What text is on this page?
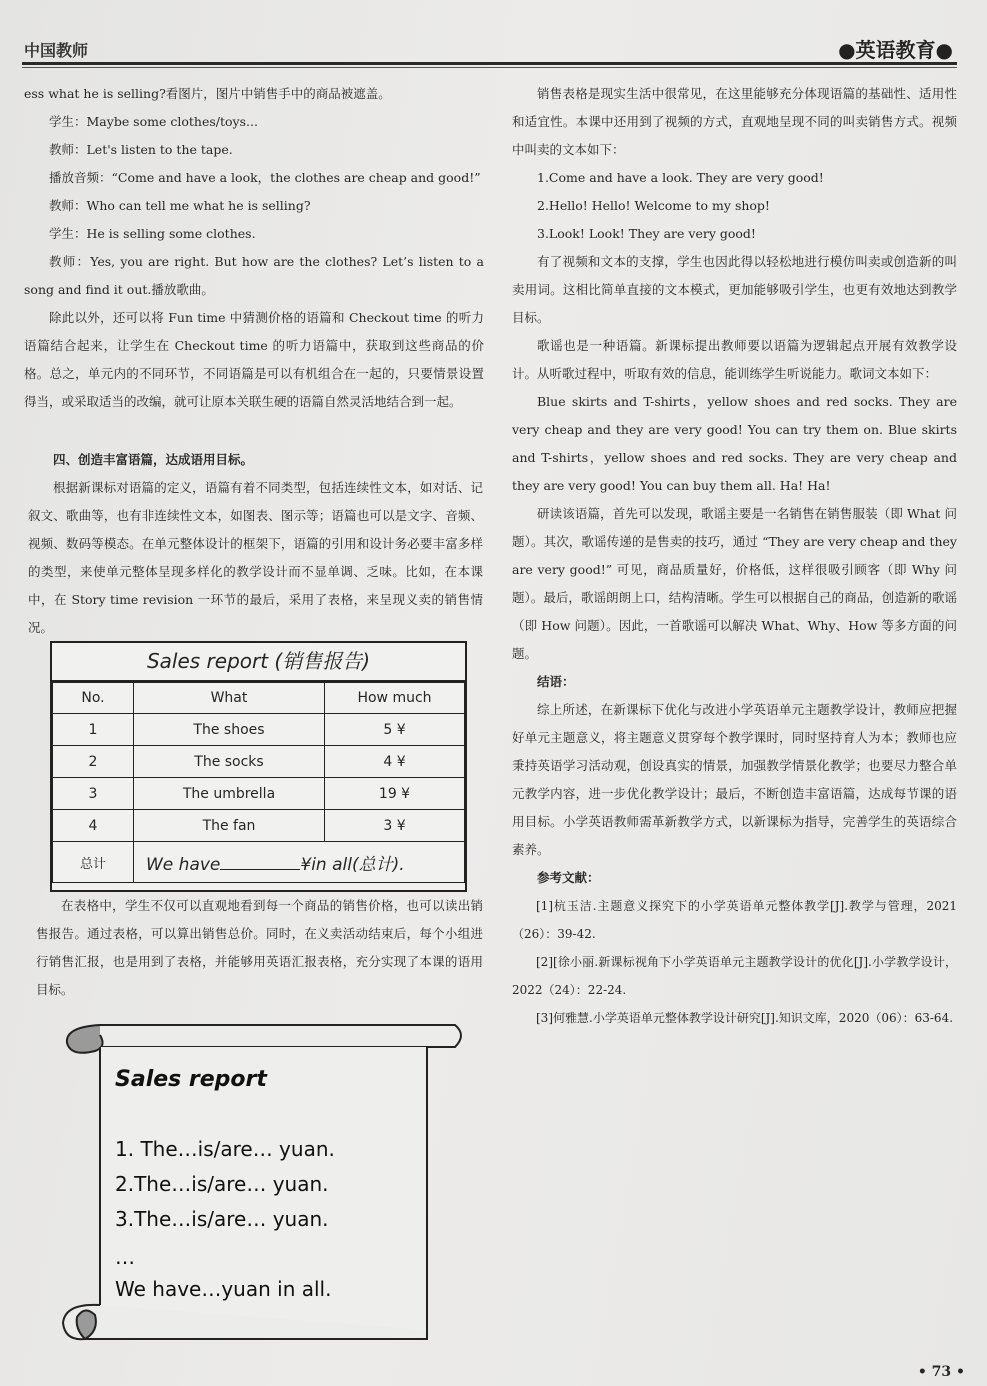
中国教师	●英语教育●

ess what he is selling?看图片，图片中销售手中的商品被遮盖。

学生：Maybe some clothes/toys...

教师：Let's listen to the tape.

播放音频：“Come and have a look，the clothes are cheap and good!”

教师：Who can tell me what he is selling?

学生：He is selling some clothes.

教师：Yes, you are right. But how are the clothes? Let’s listen to a song and find it out.播放歌曲。

除此以外，还可以将 Fun time 中猜测价格的语篇和 Checkout time 的听力语篇结合起来，让学生在 Checkout time 的听力语篇中，获取到这些商品的价格。总之，单元内的不同环节，不同语篇是可以有机组合在一起的，只要情景设置得当，或采取适当的改编，就可让原本关联生硬的语篇自然灵活地结合到一起。

四、创造丰富语篇，达成语用目标。

根据新课标对语篇的定义，语篇有着不同类型，包括连续性文本，如对话、记叙文、歌曲等，也有非连续性文本，如图表、图示等；语篇也可以是文字、音频、视频、数码等模态。在单元整体设计的框架下，语篇的引用和设计务必要丰富多样的类型，来使单元整体呈现多样化的教学设计而不显单调、乏味。比如，在本课中，在 Story time revision 一环节的最后，采用了表格，来呈现义卖的销售情况。

Sales report (销售报告)
No.	What	How much
1	The shoes	5 ¥
2	The socks	4 ¥
3	The umbrella	19 ¥
4	The fan	3 ¥
总计	We have ¥in all(总计).	

在表格中，学生不仅可以直观地看到每一个商品的销售价格，也可以读出销售报告。通过表格，可以算出销售总价。同时，在义卖活动结束后，每个小组进行销售汇报，也是用到了表格，并能够用英语汇报表格，充分实现了本课的语用目标。

Sales report
1. The…is/are… yuan.
2.The…is/are… yuan.
3.The…is/are… yuan.
…
We have…yuan in all.

销售表格是现实生活中很常见，在这里能够充分体现语篇的基础性、适用性和适宜性。本课中还用到了视频的方式，直观地呈现不同的叫卖销售方式。视频中叫卖的文本如下：

1.Come and have a look. They are very good!

2.Hello! Hello! Welcome to my shop!

3.Look! Look! They are very good!

有了视频和文本的支撑，学生也因此得以轻松地进行模仿叫卖或创造新的叫卖用词。这相比简单直接的文本模式，更加能够吸引学生，也更有效地达到教学目标。

歌谣也是一种语篇。新课标提出教师要以语篇为逻辑起点开展有效教学设计。从听歌过程中，听取有效的信息，能训练学生听说能力。歌词文本如下：

Blue skirts and T-shirts，yellow shoes and red socks. They are very cheap and they are very good! You can try them on. Blue skirts and T-shirts，yellow shoes and red socks. They are very cheap and they are very good! You can buy them all. Ha! Ha!

研读该语篇，首先可以发现，歌谣主要是一名销售在销售服装（即 What 问题）。其次，歌谣传递的是售卖的技巧，通过 “They are very cheap and they are very good!” 可见，商品质量好，价格低，这样很吸引顾客（即 Why 问题）。最后，歌谣朗朗上口，结构清晰。学生可以根据自己的商品，创造新的歌谣（即 How 问题）。因此，一首歌谣可以解决 What、Why、How 等多方面的问题。

结语：

综上所述，在新课标下优化与改进小学英语单元主题教学设计，教师应把握好单元主题意义，将主题意义贯穿每个教学课时，同时坚持育人为本；教师也应秉持英语学习活动观，创设真实的情景，加强教学情景化教学；也要尽力整合单元教学内容，进一步优化教学设计；最后，不断创造丰富语篇，达成每节课的语用目标。小学英语教师需革新教学方式，以新课标为指导，完善学生的英语综合素养。

参考文献：

[1]杭玉洁.主题意义探究下的小学英语单元整体教学[J].教学与管理，2021（26）：39-42.

[2][徐小丽.新课标视角下小学英语单元主题教学设计的优化[J].小学教学设计，2022（24）：22-24.

[3]何雅慧.小学英语单元整体教学设计研究[J].知识文库，2020（06）：63-64.

• 73 •
